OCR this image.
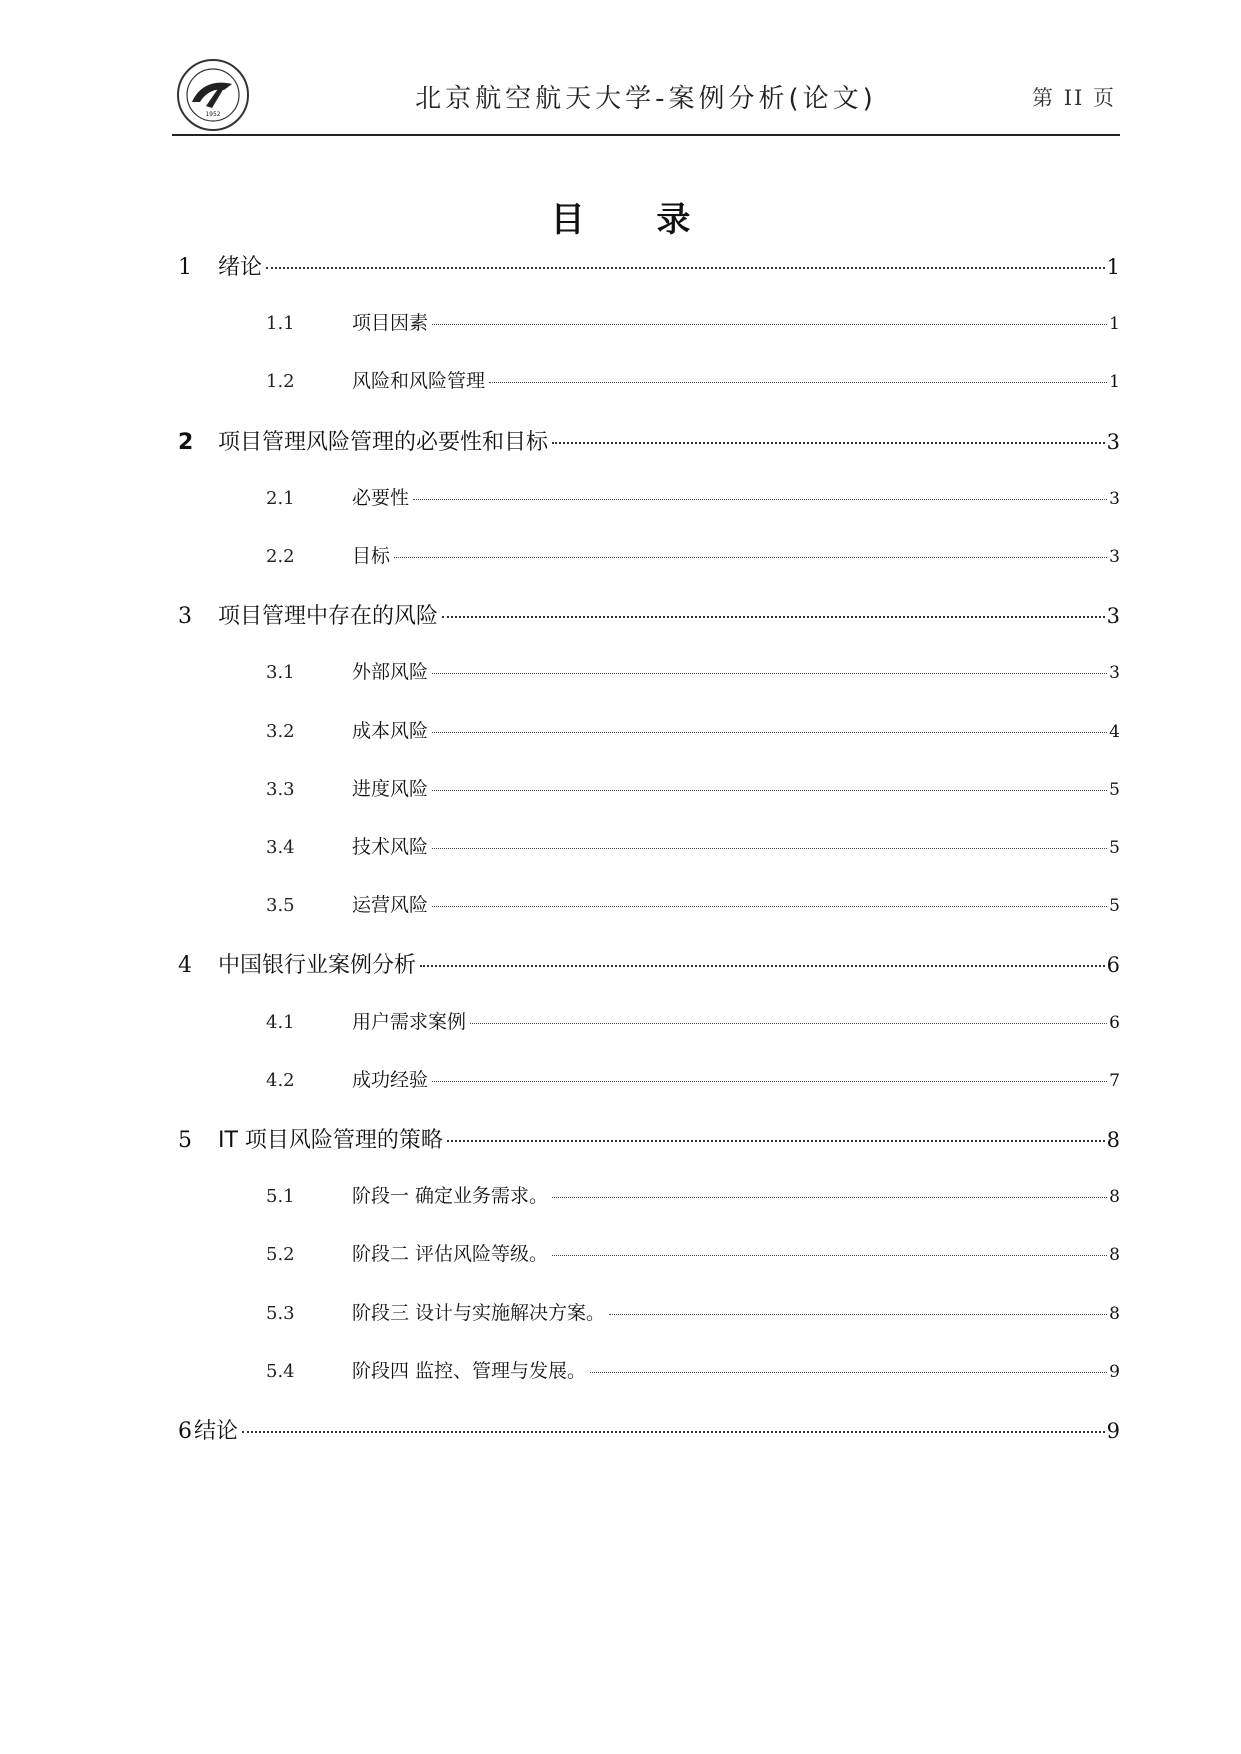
1952
北京航空航天大学-案例分析(论文)	第 II 页
目 录
1	绪论	1
1.1	项目因素	1
1.2	风险和风险管理	1
2	项目管理风险管理的必要性和目标	3
2.1	必要性	3
2.2	目标	3
3	项目管理中存在的风险	3
3.1	外部风险	3
3.2	成本风险	4
3.3	进度风险	5
3.4	技术风险	5
3.5	运营风险	5
4	中国银行业案例分析	6
4.1	用户需求案例	6
4.2	成功经验	7
5	IT 项目风险管理的策略	8
5.1	阶段一 确定业务需求。	8
5.2	阶段二 评估风险等级。	8
5.3	阶段三 设计与实施解决方案。	8
5.4	阶段四 监控、管理与发展。	9
6 结论	9
